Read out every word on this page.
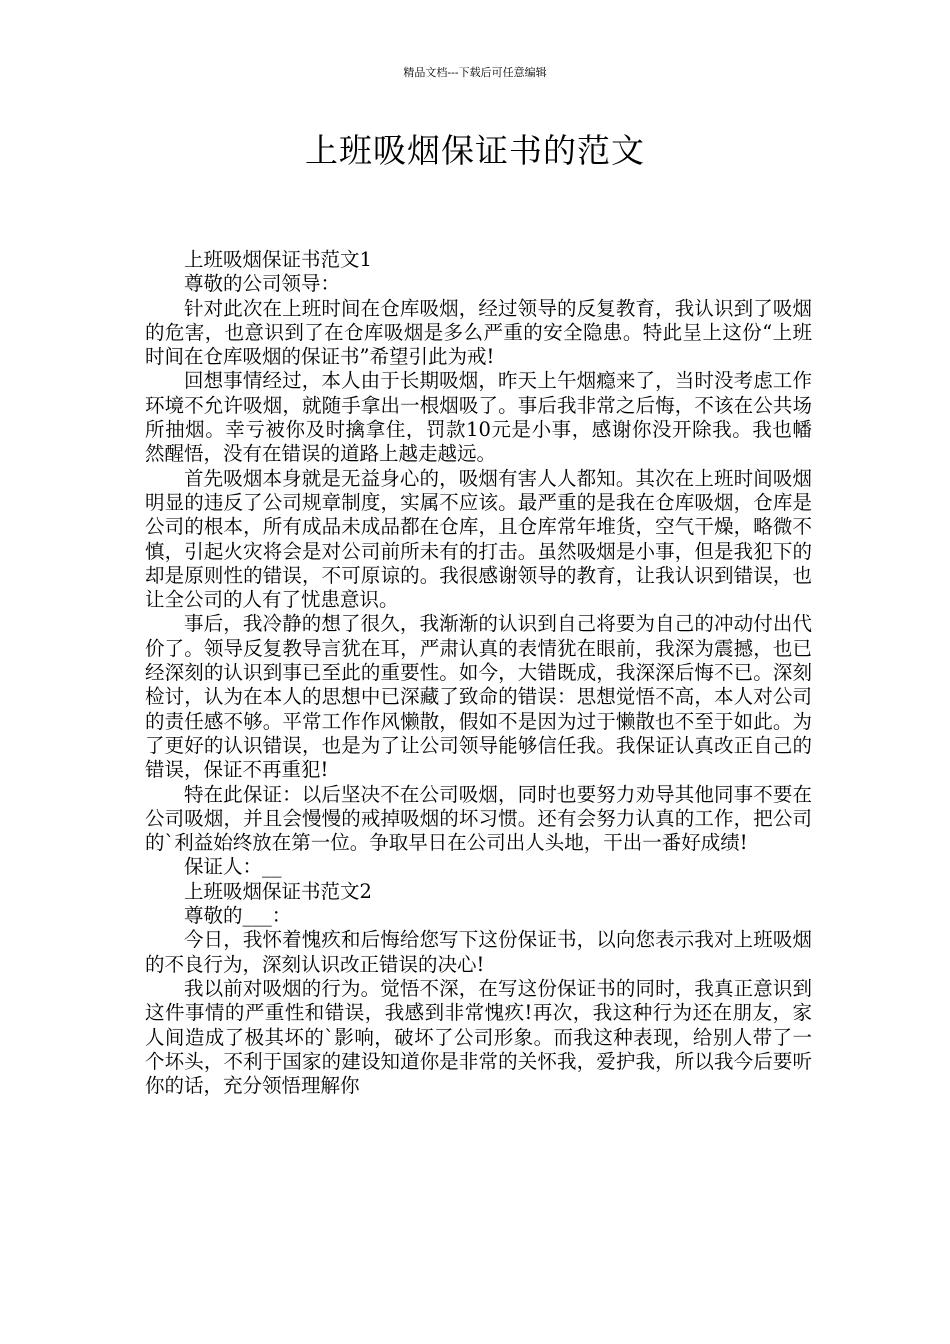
精品文档---下载后可任意编辑
上班吸烟保证书的范文

上班吸烟保证书范文1

尊敬的公司领导：

针对此次在上班时间在仓库吸烟，经过领导的反复教育，我认识到了吸烟的危害，也意识到了在仓库吸烟是多么严重的安全隐患。特此呈上这份“上班时间在仓库吸烟的保证书”希望引此为戒!

回想事情经过，本人由于长期吸烟，昨天上午烟瘾来了，当时没考虑工作环境不允许吸烟，就随手拿出一根烟吸了。事后我非常之后悔，不该在公共场所抽烟。幸亏被你及时擒拿住，罚款10元是小事，感谢你没开除我。我也幡然醒悟，没有在错误的道路上越走越远。

首先吸烟本身就是无益身心的，吸烟有害人人都知。其次在上班时间吸烟明显的违反了公司规章制度，实属不应该。最严重的是我在仓库吸烟，仓库是公司的根本，所有成品未成品都在仓库，且仓库常年堆货，空气干燥，略微不慎，引起火灾将会是对公司前所未有的打击。虽然吸烟是小事，但是我犯下的却是原则性的错误，不可原谅的。我很感谢领导的教育，让我认识到错误，也让全公司的人有了忧患意识。

事后，我冷静的想了很久，我渐渐的认识到自己将要为自己的冲动付出代价了。领导反复教导言犹在耳，严肃认真的表情犹在眼前，我深为震撼，也已经深刻的认识到事已至此的重要性。如今，大错既成，我深深后悔不已。深刻检讨，认为在本人的思想中已深藏了致命的错误：思想觉悟不高，本人对公司的责任感不够。平常工作作风懒散，假如不是因为过于懒散也不至于如此。为了更好的认识错误，也是为了让公司领导能够信任我。我保证认真改正自己的错误，保证不再重犯!

特在此保证：以后坚决不在公司吸烟，同时也要努力劝导其他同事不要在公司吸烟，并且会慢慢的戒掉吸烟的坏习惯。还有会努力认真的工作，把公司的`利益始终放在第一位。争取早日在公司出人头地，干出一番好成绩!

保证人：__

上班吸烟保证书范文2

尊敬的___：

今日，我怀着愧疚和后悔给您写下这份保证书，以向您表示我对上班吸烟的不良行为，深刻认识改正错误的决心!

我以前对吸烟的行为。觉悟不深，在写这份保证书的同时，我真正意识到这件事情的严重性和错误，我感到非常愧疚!再次，我这种行为还在朋友，家人间造成了极其坏的`影响，破坏了公司形象。而我这种表现，给别人带了一个坏头，不利于国家的建设知道你是非常的关怀我，爱护我，所以我今后要听你的话，充分领悟理解你
